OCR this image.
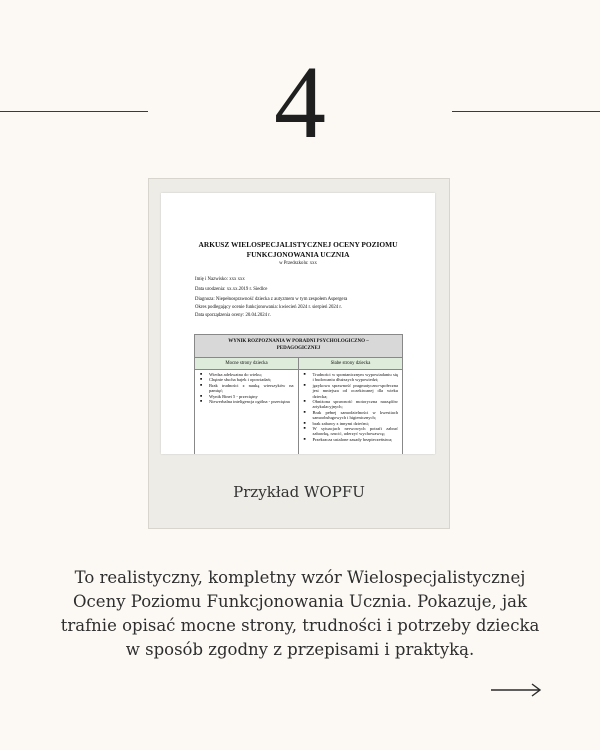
4
ARKUSZ WIELOSPECJALISTYCZNEJ OCENY POZIOMU
FUNKCJONOWANIA UCZNIA
w Przedszkolu: xxx
Imię i Nazwisko: xxx xxx
Data urodzenia: xx.xx.2019 r. Siedlce
Diagnoza: Niepełnosprawność dziecka z autyzmem w tym zespołem Aspergera
Okres podlegający ocenie funkcjonowania: kwiecień 2024 r. sierpień 2024 r.
Data sporządzenia oceny: 20.04.2024 r.
WYNIK ROZPOZNANIA W PORADNI PSYCHOLOGICZNO –
PEDAGOGICZNEJ
Mocne strony dziecka	Słabe strony dziecka
■ Wiedza adekwatna do wieku;
■ Chętnie słucha bajek i opowiadań;
■ Brak trudności z nauką wierszyków na pamięć;
■ Wynik Binet 5 - przeciętny
■ Niewerbalna inteligencja ogólna - przeciętna
■ Trudności w spontanicznym wypowiadaniu się i budowaniu dłuższych wypowiedzi;
■ językowa sprawność pragmatyczno-społeczna jest mniejsza od oczekiwanej dla wieku dziecka;
■ Obniżona sprawność motoryczna narządów artykulacyjnych;
■ Brak pełnej samodzielności w kwestiach samoobsługowych i higienicznych;
■ brak zabawy z innymi dziećmi;
■ W sytuacjach nerwowych potrafi zabrać zabawkę, rzucić, uderzyć wychowawcę;
■ Przekracza ustalone zasady bezpieczeństwa;
Przykład WOPFU
To realistyczny, kompletny wzór Wielospecjalistycznej
Oceny Poziomu Funkcjonowania Ucznia. Pokazuje, jak
trafnie opisać mocne strony, trudności i potrzeby dziecka
w sposób zgodny z przepisami i praktyką.
